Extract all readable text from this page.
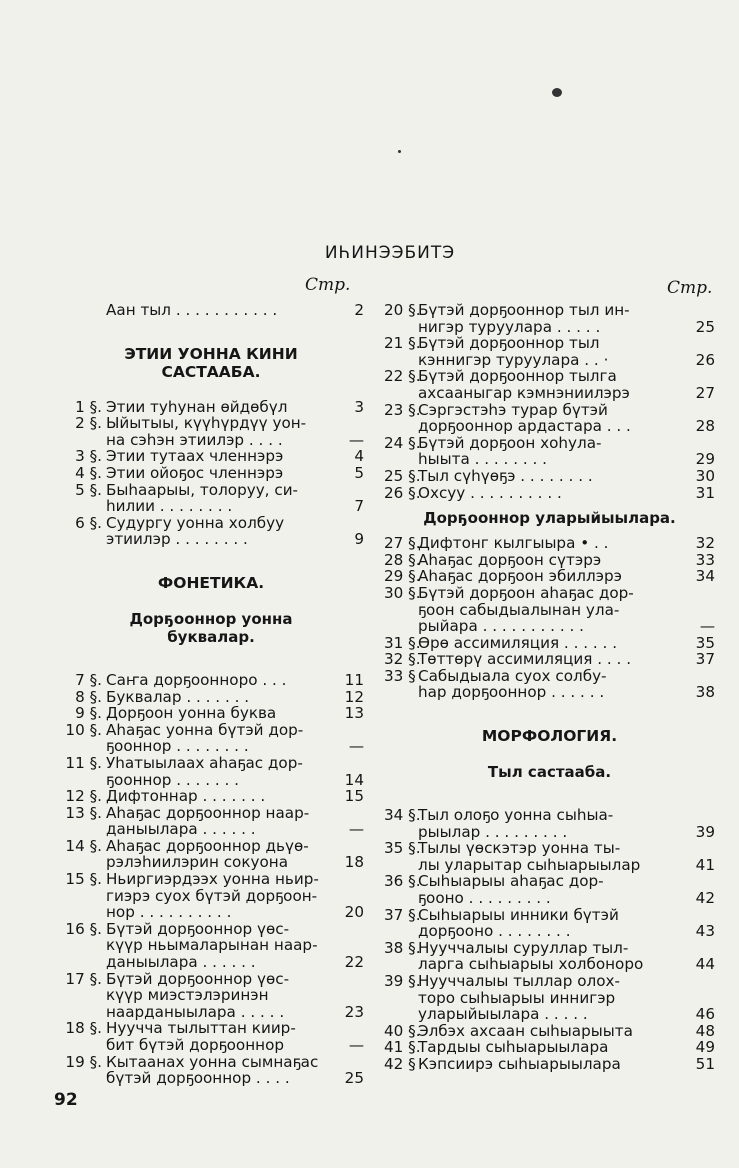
ИҺИНЭЭБИТЭ
Стр.	Стр.
Аан тыл . . . . . . . . . . .	2
ЭТИИ УОННА КИНИ
САСТААБА.
1 §. Этии туһунан өйдөбүл	3
2 §. Ыйытыы, күүһүрдүү уон-
на сэһэн этиилэр . . . .	—
3 §. Этии тутаах членнэрэ	4
4 §. Этии ойоҕос членнэрэ	5
5 §. Быһаарыы, толоруу, си-
һилии . . . . . . . .	7
6 §. Судургу уонна холбуу
этиилэр . . . . . . . .	9
ФОНЕТИКА.
Дорҕооннор уонна
буквалар.
7 §. Саҥа дорҕоонноро . . .	11
8 §. Буквалар . . . . . . .	12
9 §. Дорҕоон уонна буква	13
10 §. Аһаҕас уонна бүтэй дор-
ҕооннор . . . . . . . .	—
11 §. Уһатыылаах аһаҕас дор-
ҕооннор . . . . . . .	14
12 §. Дифтоннар . . . . . . .	15
13 §. Аһаҕас дорҕооннор наар-
даныылара . . . . . .	—
14 §. Аһаҕас дорҕооннор дьүө-
рэлэһиилэрин сокуона	18
15 §. Ньиргиэрдээх уонна ньир-
гиэрэ суох бүтэй дорҕоон-
нор . . . . . . . . . .	20
16 §. Бүтэй дорҕооннор үөс-
күүр ньымаларынан наар-
даныылара . . . . . .	22
17 §. Бүтэй дорҕооннор үөс-
күүр миэстэлэринэн
наарданыылара . . . . .	23
18 §. Нуучча тылыттан киир-
бит бүтэй дорҕооннор	—
19 §. Кытаанах уонна сымнаҕас
бүтэй дорҕооннор . . . .	25
20 §.
Бүтэй дорҕооннор тыл ин-
нигэр туруулара . . . . .	25
21 §.
Бүтэй дорҕооннор тыл
кэннигэр туруулара . . ·	26
22 §.
Бүтэй дорҕооннор тылга
ахсааныгар кэмнэниилэрэ	27
23 §.
Сэргэстэһэ турар бүтэй
дорҕооннор ардастара . . .	28
24 §.
Бүтэй дорҕоон хоһула-
һыыта . . . . . . . .	29
25 §.
Тыл сүһүөҕэ . . . . . . . .	30
26 §.
Охсуу . . . . . . . . . .	31
Дорҕооннор уларыйыылара.
27 §.
Дифтонг кылгыыра • . .	32
28 §.
Аһаҕас дорҕоон сүтэрэ	33
29 §.
Аһаҕас дорҕоон эбиллэрэ	34
30 §.
Бүтэй дорҕоон аһаҕас дор-
ҕоон сабыдыалынан ула-
рыйара . . . . . . . . . . .	—
31 §.
Өрө ассимиляция . . . . . .	35
32 §.
Төттөрү ассимиляция . . . .	37
33 § Сабыдыала суох солбу-
һар дорҕооннор . . . . . .	38
МОРФОЛОГИЯ.
Тыл састааба.
34 §.
Тыл олоҕо уонна сыһыа-
рыылар . . . . . . . . .	39
35 §.
Тылы үөскэтэр уонна ты-
лы уларытар сыһыарыылар	41
36 §.
Сыһыарыы аһаҕас дор-
ҕооно . . . . . . . . .	42
37 §.
Сыһыарыы инники бүтэй
дорҕооно . . . . . . . .	43
38 §.
Нууччалыы суруллар тыл-
ларга сыһыарыы холбоноро	44
39 §.
Нууччалыы тыллар олох-
торо сыһыарыы иннигэр
уларыйыылара . . . . .	46
40 §.
Элбэх ахсаан сыһыарыыта	48
41 §.
Тардыы сыһыарыылара	49
42 § Кэпсиирэ сыһыарыылара	51
92
